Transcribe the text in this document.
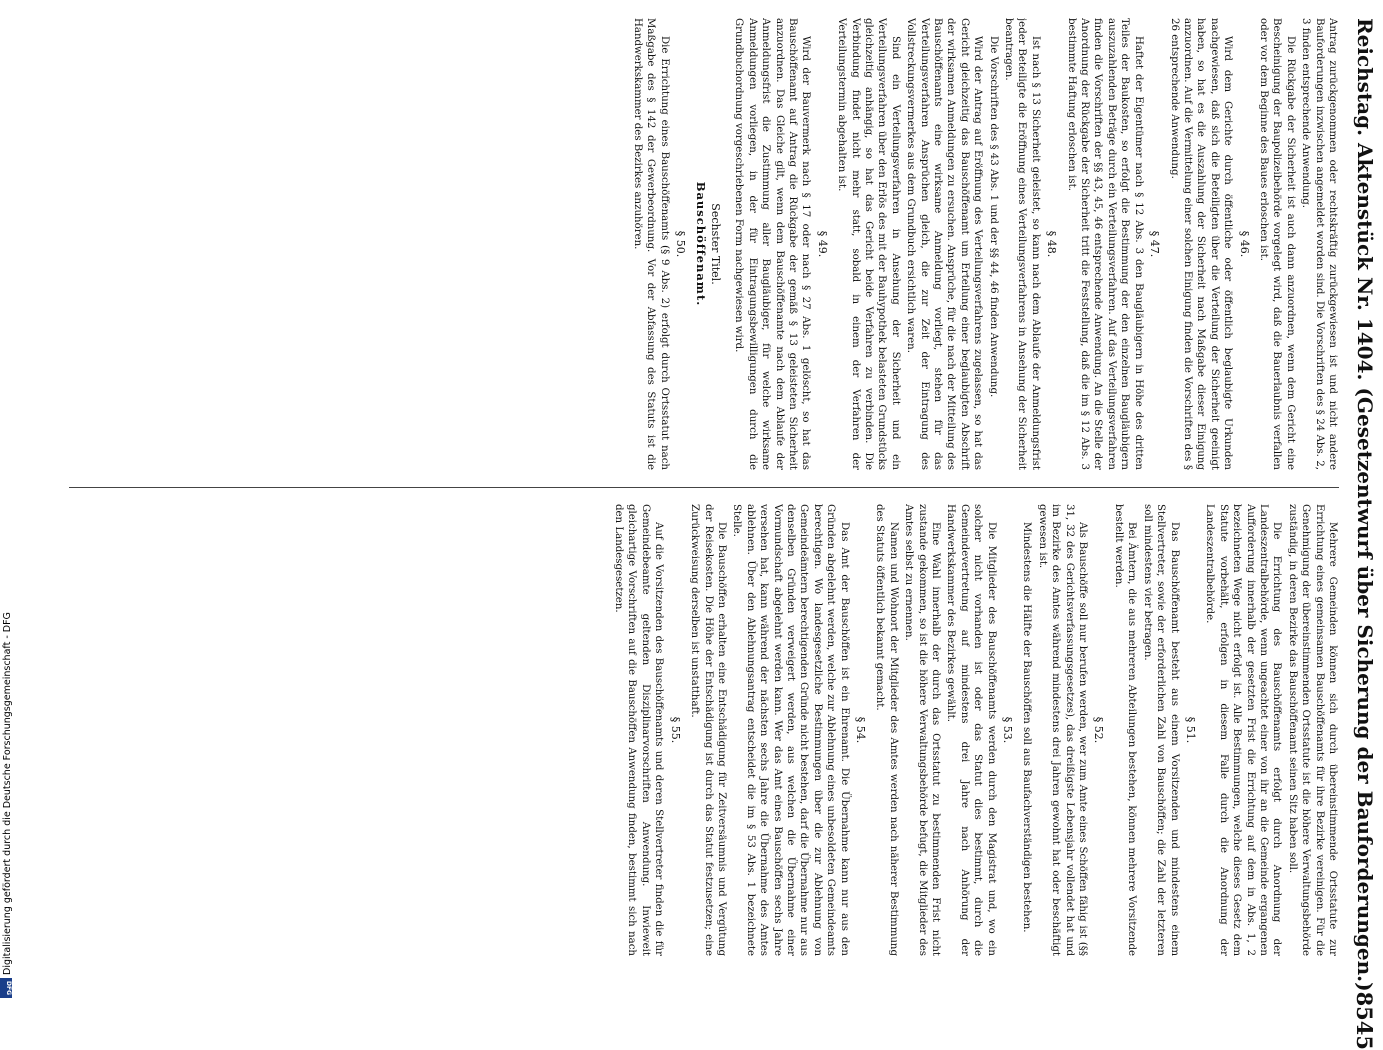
Reichstag. Aktenstück Nr. 1404. (Gesetzentwurf über Sicherung der Bauforderungen.)
8545

Antrag zurückgenommen oder rechtskräftig zurückgewiesen ist und nicht andere Bauforderungen inzwischen angemeldet worden sind. Die Vorschriften des § 24 Abs. 2, 3 finden entsprechende Anwendung.

Die Rückgabe der Sicherheit ist auch dann anzuordnen, wenn dem Gericht eine Bescheinigung der Baupolizeibehörde vorgelegt wird, daß die Bauerlaubnis verfallen oder vor dem Beginne des Baues erloschen ist.

§ 46.

Wird dem Gerichte durch öffentliche oder öffentlich beglaubigte Urkunden nachgewiesen, daß sich die Beteiligten über die Verteilung der Sicherheit geeinigt haben, so hat es die Auszahlung der Sicherheit nach Maßgabe dieser Einigung anzuordnen. Auf die Vermittelung einer solchen Einigung finden die Vorschriften des § 26 entsprechende Anwendung.

§ 47.

Haftet der Eigentümer nach § 12 Abs. 3 den Baugläubigern in Höhe des dritten Teiles der Baukosten, so erfolgt die Bestimmung der den einzelnen Baugläubigern auszuzahlenden Beträge durch ein Verteilungsverfahren. Auf das Verteilungsverfahren finden die Vorschriften der §§ 43, 45, 46 entsprechende Anwendung. An die Stelle der Anordnung der Rückgabe der Sicherheit tritt die Feststellung, daß die im § 12 Abs. 3 bestimmte Haftung erloschen ist.

§ 48.

Ist nach § 13 Sicherheit geleistet, so kann nach dem Ablaufe der Anmeldungsfrist jeder Beteiligte die Eröffnung eines Verteilungsverfahrens in Ansehung der Sicherheit beantragen.

Die Vorschriften des § 43 Abs. 1 und der §§ 44, 46 finden Anwendung.

Wird der Antrag auf Eröffnung des Verteilungsverfahrens zugelassen, so hat das Gericht gleichzeitig das Bauschöffenamt um Erteilung einer beglaubigten Abschrift der wirksamen Anmeldungen zu ersuchen. Ansprüche, für die nach der Mitteilung des Bauschöffenamts eine wirksame Anmeldung vorliegt, stehen für das Verteilungsverfahren Ansprüchen gleich, die zur Zeit der Eintragung des Vollstreckungsvermerkes aus dem Grundbuch ersichtlich waren.

Sind ein Verteilungsverfahren in Ansehung der Sicherheit und ein Verteilungsverfahren über den Erlös des mit der Bauhypothek belasteten Grundstücks gleichzeitig anhängig, so hat das Gericht beide Verfahren zu verbinden. Die Verbindung findet nicht mehr statt, sobald in einem der Verfahren der Verteilungstermin abgehalten ist.

§ 49.

Wird der Bauvermerk nach § 17 oder nach § 27 Abs. 1 gelöscht, so hat das Bauschöffenamt auf Antrag die Rückgabe der gemäß § 13 geleisteten Sicherheit anzuordnen. Das Gleiche gilt, wenn dem Bauschöffenamte nach dem Ablaufe der Anmeldungsfrist die Zustimmung aller Baugläubiger, für welche wirksame Anmeldungen vorliegen, in der für Eintragungsbewilligungen durch die Grundbuchordnung vorgeschriebenen Form nachgewiesen wird.

Sechster Titel.
Bauschöffenamt.
§ 50.

Die Errichtung eines Bauschöffenamts (§ 9 Abs. 2) erfolgt durch Ortsstatut nach Maßgabe des § 142 der Gewerbeordnung. Vor der Abfassung des Statuts ist die Handwerkskammer des Bezirkes anzuhören.

Mehrere Gemeinden können sich durch übereinstimmende Ortsstatute zur Errichtung eines gemeinsamen Bauschöffenamts für ihre Bezirke vereinigen. Für die Genehmigung der übereinstimmenden Ortsstatute ist die höhere Verwaltungsbehörde zuständig, in deren Bezirke das Bauschöffenamt seinen Sitz haben soll.

Die Errichtung des Bauschöffenamts erfolgt durch Anordnung der Landeszentralbehörde, wenn ungeachtet einer von ihr an die Gemeinde ergangenen Aufforderung innerhalb der gesetzten Frist die Errichtung auf dem in Abs. 1, 2 bezeichneten Wege nicht erfolgt ist. Alle Bestimmungen, welche dieses Gesetz dem Statute vorbehält, erfolgen in diesem Falle durch die Anordnung der Landeszentralbehörde.

§ 51.

Das Bauschöffenamt besteht aus einem Vorsitzenden und mindestens einem Stellvertreter, sowie der erforderlichen Zahl von Bauschöffen; die Zahl der letzteren soll mindestens vier betragen.

Bei Ämtern, die aus mehreren Abteilungen bestehen, können mehrere Vorsitzende bestellt werden.

§ 52.

Als Bauschöffe soll nur berufen werden, wer zum Amte eines Schöffen fähig ist (§§ 31, 32 des Gerichtsverfassungsgesetzes), das dreißigste Lebensjahr vollendet hat und im Bezirke des Amtes während mindestens drei Jahren gewohnt hat oder beschäftigt gewesen ist.

Mindestens die Hälfte der Bauschöffen soll aus Baufachverständigen bestehen.

§ 53.

Die Mitglieder des Bauschöffenamts werden durch den Magistrat und, wo ein solcher nicht vorhanden ist oder das Statut dies bestimmt, durch die Gemeindevertretung auf mindestens drei Jahre nach Anhörung der Handwerkskammer des Bezirkes gewählt.

Eine Wahl innerhalb der durch das Ortsstatut zu bestimmenden Frist nicht zustande gekommen, so ist die höhere Verwaltungsbehörde befugt, die Mitglieder des Amtes selbst zu ernennen.

Namen und Wohnort der Mitglieder des Amtes werden nach näherer Bestimmung des Statuts öffentlich bekannt gemacht.

§ 54.

Das Amt der Bauschöffen ist ein Ehrenamt. Die Übernahme kann nur aus den Gründen abgelehnt werden, welche zur Ablehnung eines unbesoldeten Gemeindeamts berechtigen. Wo landesgesetzliche Bestimmungen über die zur Ablehnung von Gemeindeämtern berechtigenden Gründe nicht bestehen, darf die Übernahme nur aus denselben Gründen verweigert werden, aus welchen die Übernahme einer Vormundschaft abgelehnt werden kann. Wer das Amt eines Bauschöffen sechs Jahre versehen hat, kann während der nächsten sechs Jahre die Übernahme des Amtes ablehnen. Über den Ablehnungsantrag entscheidet die im § 53 Abs. 1 bezeichnete Stelle.

Die Bauschöffen erhalten eine Entschädigung für Zeitversäumnis und Vergütung der Reisekosten. Die Höhe der Entschädigung ist durch das Statut festzusetzen; eine Zurückweisung derselben ist unstatthaft.

§ 55.

Auf die Vorsitzenden des Bauschöffenamts und deren Stellvertreter finden die für Gemeindebeamte geltenden Disziplinarvorschriften Anwendung. Inwieweit gleichartige Vorschriften auf die Bauschöffen Anwendung finden, bestimmt sich nach den Landesgesetzen.

Digitalisierung gefördert durch die Deutsche Forschungsgemeinschaft - DFG
DFG
